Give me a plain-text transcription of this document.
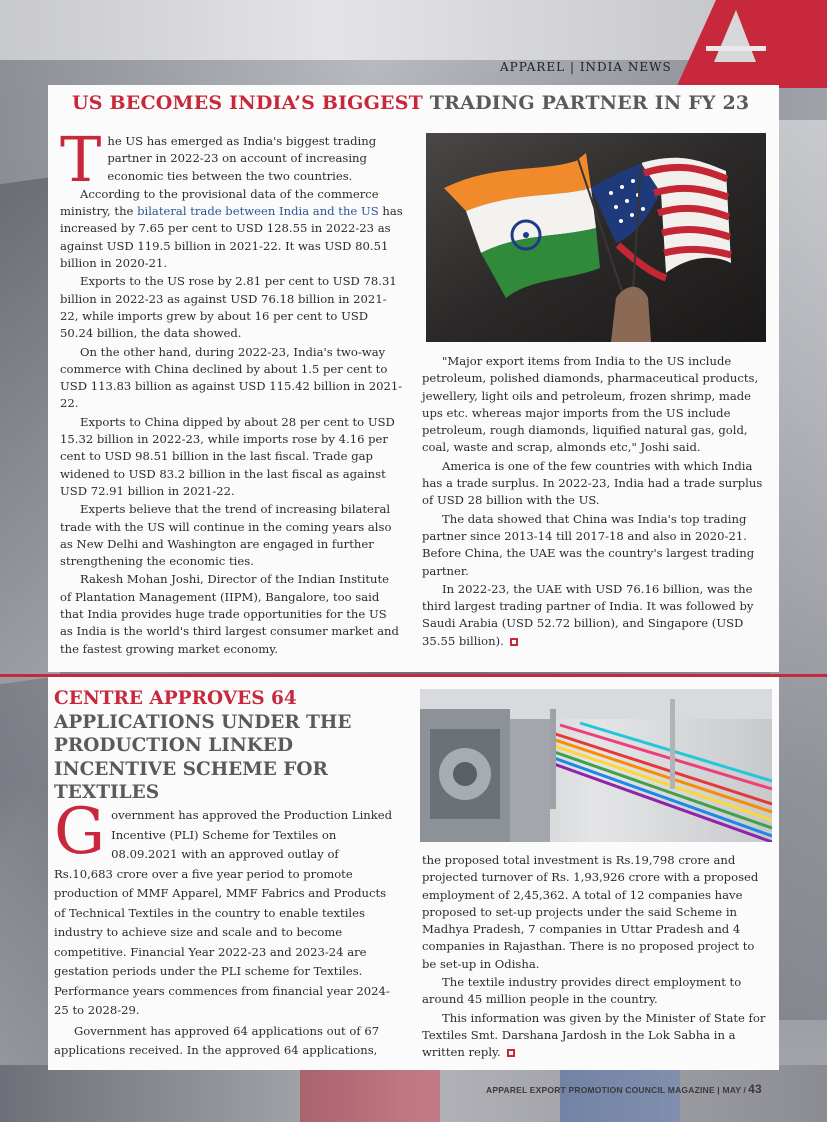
APPAREL | INDIA NEWS
US BECOMES INDIA’S BIGGEST TRADING PARTNER IN FY 23

The US has emerged as India's biggest trading partner in 2022-23 on account of increasing economic ties between the two countries.

According to the provisional data of the commerce ministry, the bilateral trade between India and the US has increased by 7.65 per cent to USD 128.55 in 2022-23 as against USD 119.5 billion in 2021-22. It was USD 80.51 billion in 2020-21.

Exports to the US rose by 2.81 per cent to USD 78.31 billion in 2022-23 as against USD 76.18 billion in 2021-22, while imports grew by about 16 per cent to USD 50.24 billion, the data showed.

On the other hand, during 2022-23, India's two-way commerce with China declined by about 1.5 per cent to USD 113.83 billion as against USD 115.42 billion in 2021-22.

Exports to China dipped by about 28 per cent to USD 15.32 billion in 2022-23, while imports rose by 4.16 per cent to USD 98.51 billion in the last fiscal. Trade gap widened to USD 83.2 billion in the last fiscal as against USD 72.91 billion in 2021-22.

Experts believe that the trend of increasing bilateral trade with the US will continue in the coming years also as New Delhi and Washington are engaged in further strengthening the economic ties.

Rakesh Mohan Joshi, Director of the Indian Institute of Plantation Management (IIPM), Bangalore, too said that India provides huge trade opportunities for the US as India is the world's third largest consumer market and the fastest growing market economy.

"Major export items from India to the US include petroleum, polished diamonds, pharmaceutical products, jewellery, light oils and petroleum, frozen shrimp, made ups etc. whereas major imports from the US include petroleum, rough diamonds, liquified natural gas, gold, coal, waste and scrap, almonds etc," Joshi said.

America is one of the few countries with which India has a trade surplus. In 2022-23, India had a trade surplus of USD 28 billion with the US.

The data showed that China was India's top trading partner since 2013-14 till 2017-18 and also in 2020-21. Before China, the UAE was the country's largest trading partner.

In 2022-23, the UAE with USD 76.16 billion, was the third largest trading partner of India. It was followed by Saudi Arabia (USD 52.72 billion), and Singapore (USD 35.55 billion).

CENTRE APPROVES 64
APPLICATIONS UNDER THE PRODUCTION LINKED INCENTIVE SCHEME FOR TEXTILES

Government has approved the Production Linked Incentive (PLI) Scheme for Textiles on 08.09.2021 with an approved outlay of Rs.10,683 crore over a five year period to promote production of MMF Apparel, MMF Fabrics and Products of Technical Textiles in the country to enable textiles industry to achieve size and scale and to become competitive. Financial Year 2022-23 and 2023-24 are gestation periods under the PLI scheme for Textiles. Performance years commences from financial year 2024-25 to 2028-29.

Government has approved 64 applications out of 67 applications received. In the approved 64 applications,

the proposed total investment is Rs.19,798 crore and projected turnover of Rs. 1,93,926 crore with a proposed employment of 2,45,362. A total of 12 companies have proposed to set-up projects under the said Scheme in Madhya Pradesh, 7 companies in Uttar Pradesh and 4 companies in Rajasthan. There is no proposed project to be set-up in Odisha.

The textile industry provides direct employment to around 45 million people in the country.

This information was given by the Minister of State for Textiles Smt. Darshana Jardosh in the Lok Sabha in a written reply.

APPAREL EXPORT PROMOTION COUNCIL MAGAZINE | MAY / 43
